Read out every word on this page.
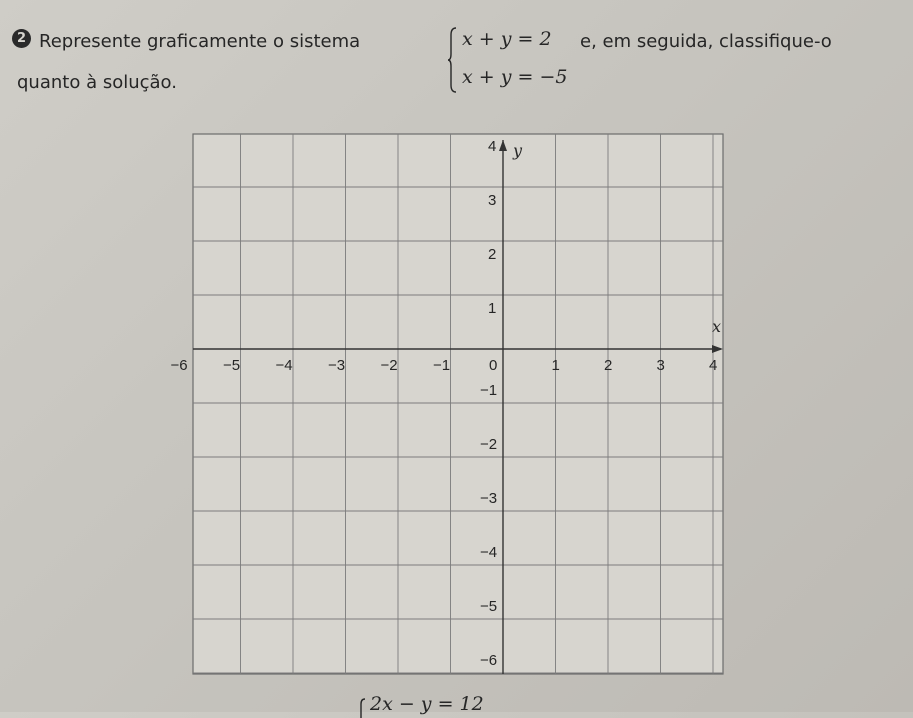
2 Represente graficamente o sistema	x + y = 2
x + y = −5
e, em seguida, classifique-o
quanto à solução.
x
y
−6 −5 −4 −3 −2 −1	0	1	2	3	4
4
3
2
1
−1
−2
−3
−4
−5
−6
2x − y = 12
